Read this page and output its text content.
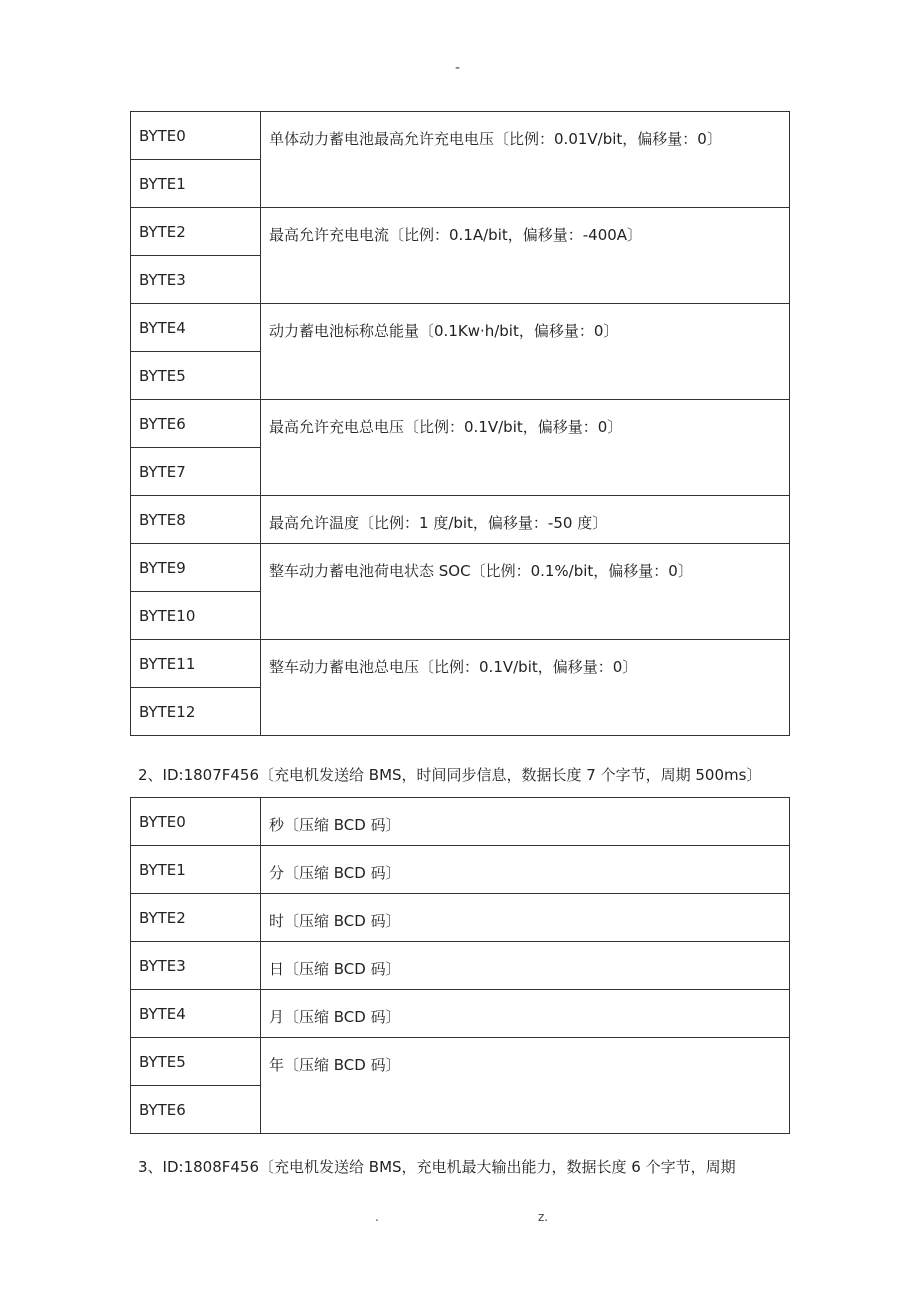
-
BYTE0	单体动力蓄电池最高允许充电电压〔比例：0.01V/bit，偏移量：0〕
BYTE1	
BYTE2	最高允许充电电流〔比例：0.1A/bit，偏移量：-400A〕
BYTE3	
BYTE4	动力蓄电池标称总能量〔0.1Kw·h/bit，偏移量：0〕
BYTE5	
BYTE6	最高允许充电总电压〔比例：0.1V/bit，偏移量：0〕
BYTE7	
BYTE8	最高允许温度〔比例：1 度/bit，偏移量：-50 度〕
BYTE9	整车动力蓄电池荷电状态 SOC〔比例：0.1%/bit，偏移量：0〕
BYTE10	
BYTE11	整车动力蓄电池总电压〔比例：0.1V/bit，偏移量：0〕
BYTE12	
2、ID:1807F456〔充电机发送给 BMS，时间同步信息，数据长度 7 个字节，周期 500ms〕
BYTE0	秒〔压缩 BCD 码〕
BYTE1	分〔压缩 BCD 码〕
BYTE2	时〔压缩 BCD 码〕
BYTE3	日〔压缩 BCD 码〕
BYTE4	月〔压缩 BCD 码〕
BYTE5	年〔压缩 BCD 码〕
BYTE6	
3、ID:1808F456〔充电机发送给 BMS，充电机最大输出能力，数据长度 6 个字节，周期
.	z.
